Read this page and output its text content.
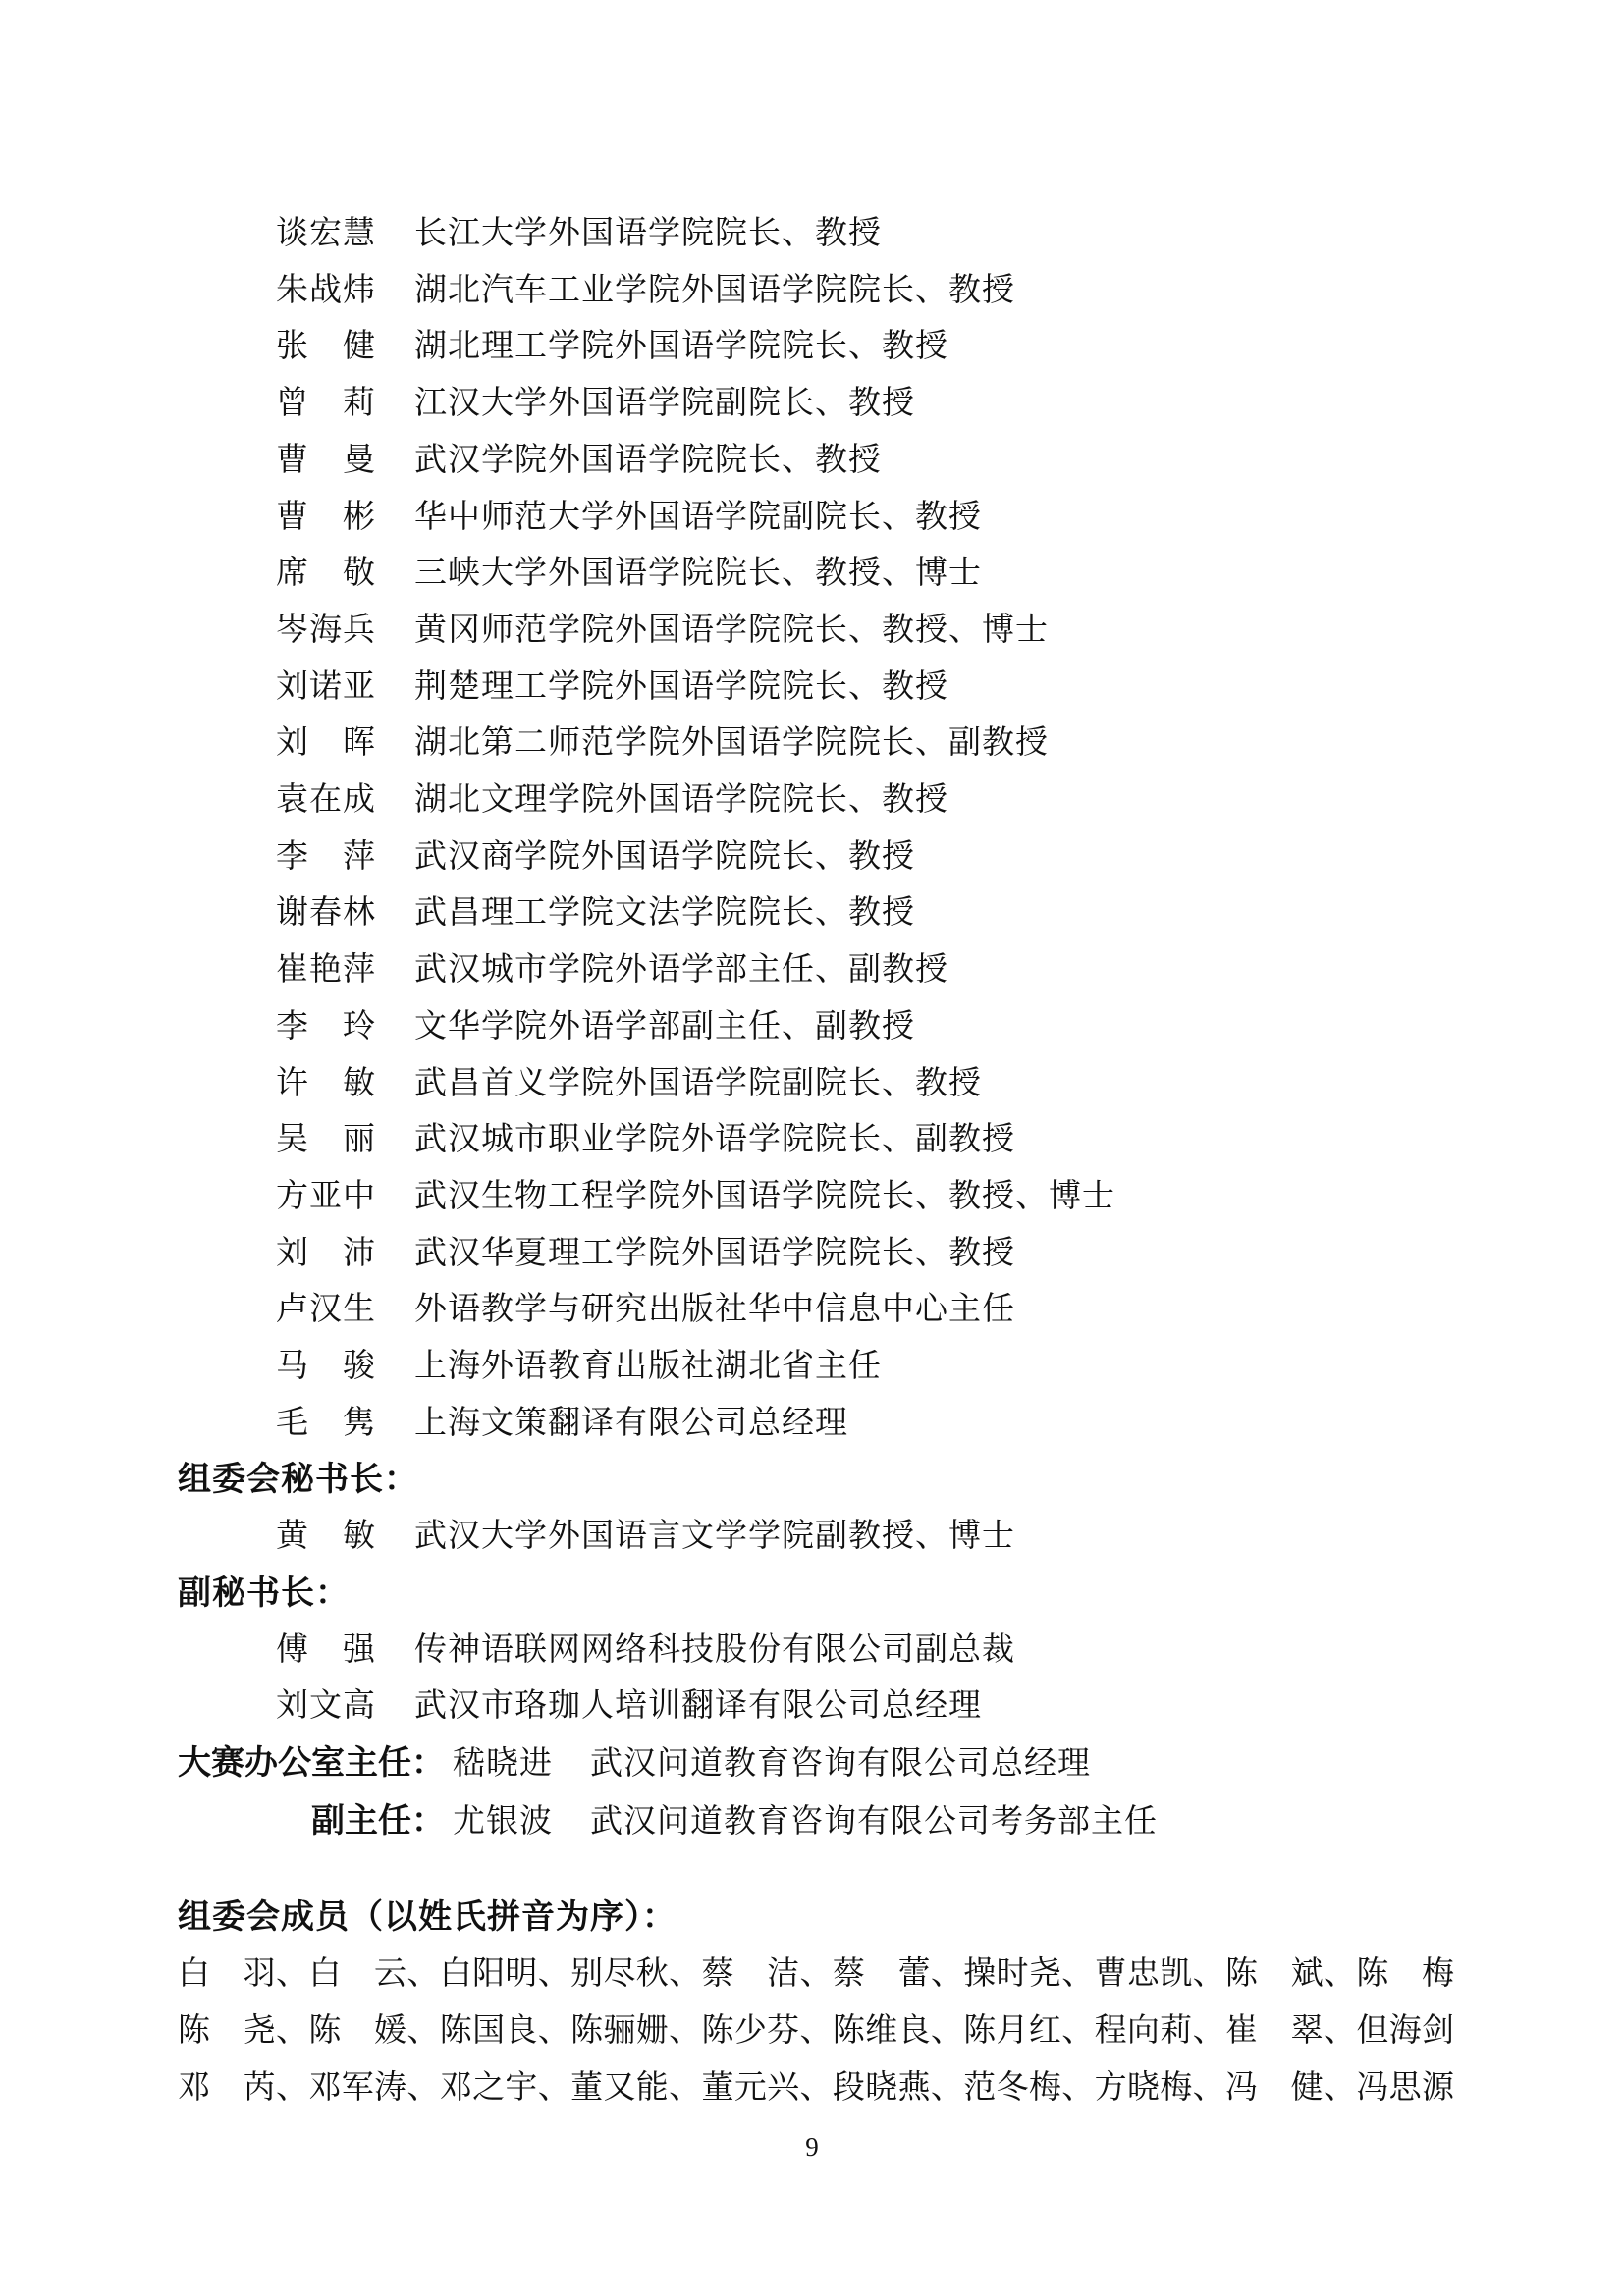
谈宏慧	长江大学外国语学院院长、教授
朱战炜	湖北汽车工业学院外国语学院院长、教授
张　健	湖北理工学院外国语学院院长、教授
曾　莉	江汉大学外国语学院副院长、教授
曹　曼	武汉学院外国语学院院长、教授
曹　彬	华中师范大学外国语学院副院长、教授
席　敬	三峡大学外国语学院院长、教授、博士
岑海兵	黄冈师范学院外国语学院院长、教授、博士
刘诺亚	荆楚理工学院外国语学院院长、教授
刘　晖	湖北第二师范学院外国语学院院长、副教授
袁在成	湖北文理学院外国语学院院长、教授
李　萍	武汉商学院外国语学院院长、教授
谢春林	武昌理工学院文法学院院长、教授
崔艳萍	武汉城市学院外语学部主任、副教授
李　玲	文华学院外语学部副主任、副教授
许　敏	武昌首义学院外国语学院副院长、教授
吴　丽	武汉城市职业学院外语学院院长、副教授
方亚中	武汉生物工程学院外国语学院院长、教授、博士
刘　沛	武汉华夏理工学院外国语学院院长、教授
卢汉生	外语教学与研究出版社华中信息中心主任
马　骏	上海外语教育出版社湖北省主任
毛　隽	上海文策翻译有限公司总经理
组委会秘书长：
黄　敏	武汉大学外国语言文学学院副教授、博士
副秘书长：
傅　强	传神语联网网络科技股份有限公司副总裁
刘文高	武汉市珞珈人培训翻译有限公司总经理
大赛办公室主任： 嵇晓进	武汉问道教育咨询有限公司总经理
副主任： 尤银波	武汉问道教育咨询有限公司考务部主任
组委会成员（以姓氏拼音为序）：
白　羽、白　云、白阳明、别尽秋、蔡　洁、蔡　蕾、操时尧、曹忠凯、陈　斌、陈　梅
陈　尧、陈　媛、陈国良、陈骊姗、陈少芬、陈维良、陈月红、程向莉、崔　翠、但海剑
邓　芮、邓军涛、邓之宇、董又能、董元兴、段晓燕、范冬梅、方晓梅、冯　健、冯思源
9
